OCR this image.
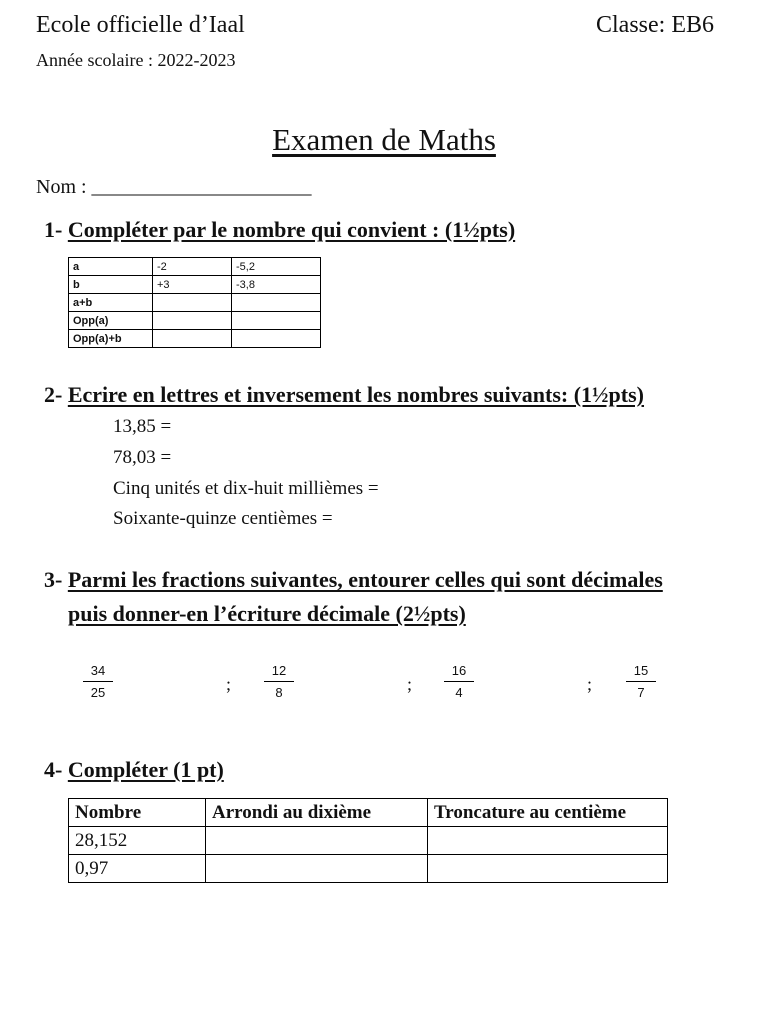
Ecole officielle d’Iaal	Classe: EB6
Année scolaire : 2022-2023
Examen de Maths
Nom : ______________________
1- Compléter par le nombre qui convient : (1½pts)
a	-2	-5,2
b	+3	-3,8
a+b		
Opp(a)		
Opp(a)+b		
2- Ecrire en lettres et inversement les nombres suivants: (1½pts)
13,85 =
78,03 =
Cinq unités et dix-huit millièmes =
Soixante-quinze centièmes =
3- Parmi les fractions suivantes, entourer celles qui sont décimales
puis donner-en l’écriture décimale (2½pts)
$\frac{34}{25}$	;	$\frac{12}{8}$	; $\frac{16}{4}$	;	$\frac{15}{7}$
4- Compléter (1 pt)
Nombre	Arrondi au dixième	Troncature au centième
28,152		
0,97		
